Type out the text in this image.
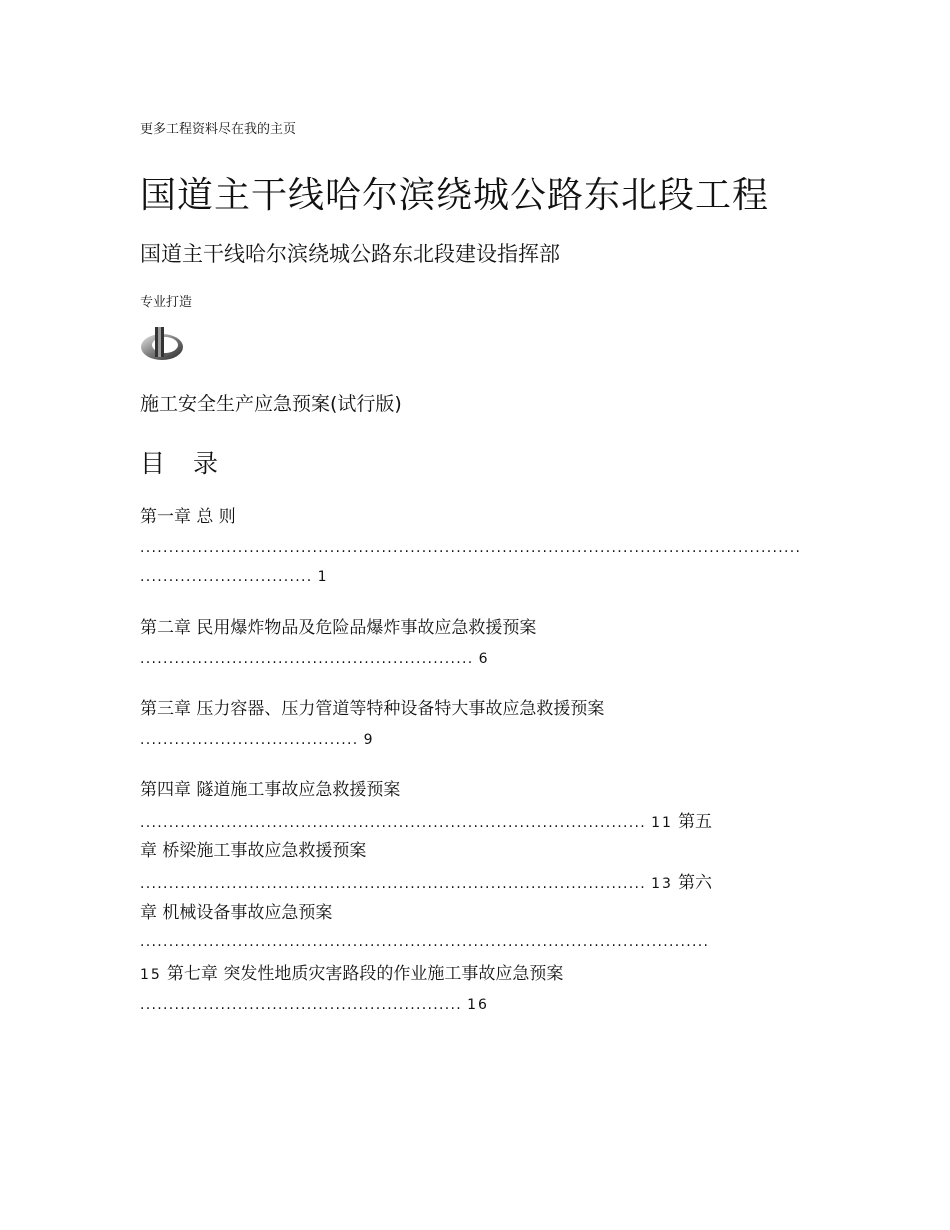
更多工程资料尽在我的主页
国道主干线哈尔滨绕城公路东北段工程
国道主干线哈尔滨绕城公路东北段建设指挥部
专业打造
施工安全生产应急预案(试行版)
目 录
第一章 总 则
...................................................................................................................
.............................. 1
第二章 民用爆炸物品及危险品爆炸事故应急救援预案
.......................................................... 6
第三章 压力容器、压力管道等特种设备特大事故应急救援预案
...................................... 9
第四章 隧道施工事故应急救援预案
........................................................................................ 11 第五
章 桥梁施工事故应急救援预案
........................................................................................ 13 第六
章 机械设备事故应急预案
...................................................................................................
15 第七章 突发性地质灾害路段的作业施工事故应急预案
........................................................ 16
